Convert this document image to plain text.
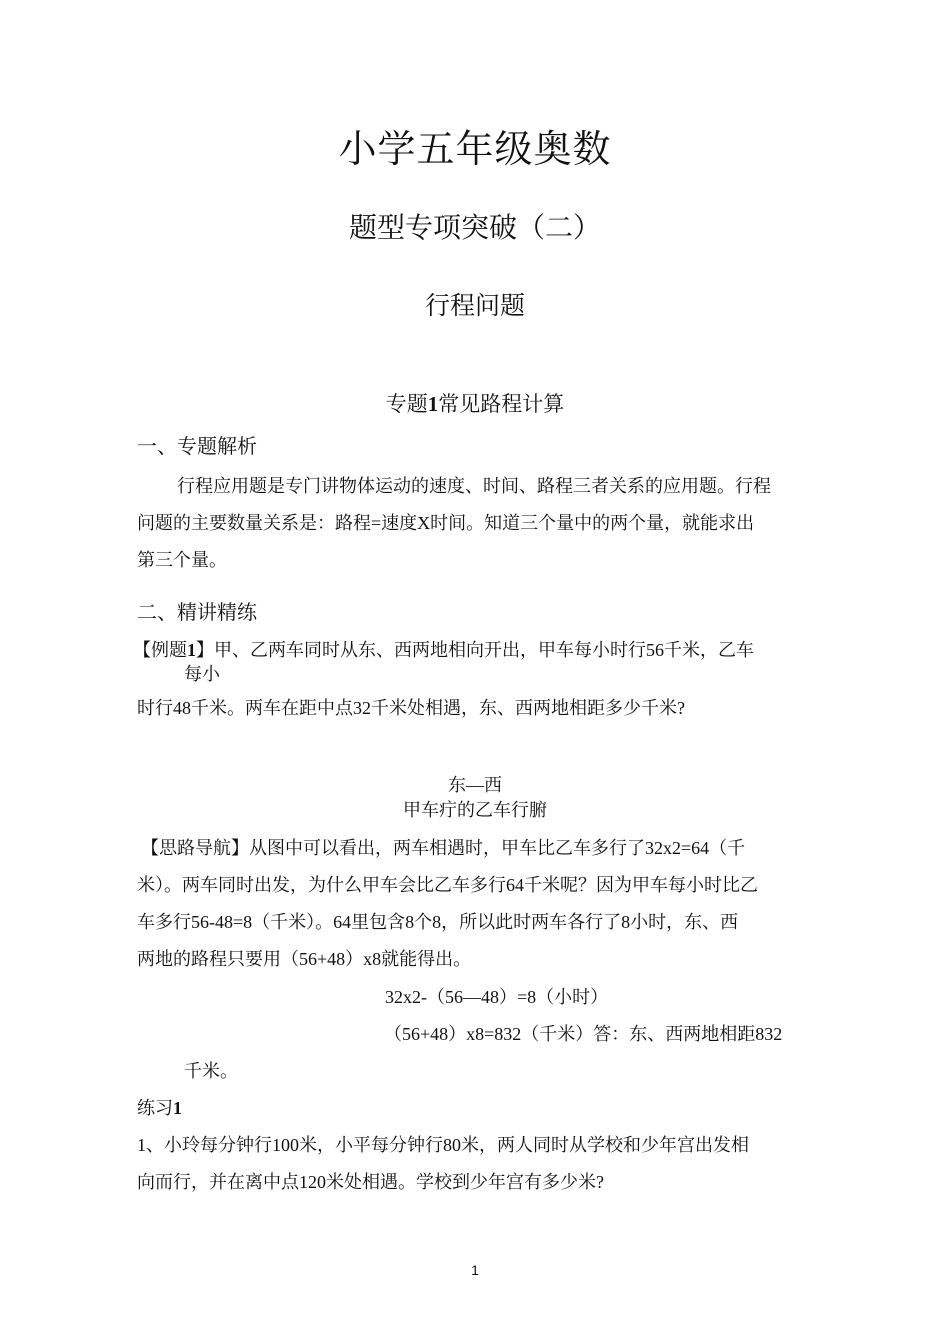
小学五年级奥数
题型专项突破（二）
行程问题
专题1常见路程计算
一、专题解析
行程应用题是专门讲物体运动的速度、时间、路程三者关系的应用题。行程
问题的主要数量关系是：路程=速度X时间。知道三个量中的两个量，就能求出
第三个量。
二、精讲精练
【例题1】甲、乙两车同时从东、西两地相向开出，甲车每小时行56千米，乙车
每小
时行48千米。两车在距中点32千米处相遇，东、西两地相距多少千米?
东—西
甲车疔的乙车行腑
【思路导航】从图中可以看出，两车相遇时，甲车比乙车多行了32x2=64（千
米）。两车同时出发，为什么甲车会比乙车多行64千米呢？因为甲车每小时比乙
车多行56-48=8（千米）。64里包含8个8，所以此时两车各行了8小时，东、西
两地的路程只要用（56+48）x8就能得出。
32x2-（56—48）=8（小时）
（56+48）x8=832（千米）答：东、西两地相距832
千米。
练习1
1、小玲每分钟行100米，小平每分钟行80米，两人同时从学校和少年宫出发相
向而行，并在离中点120米处相遇。学校到少年宫有多少米?
1
